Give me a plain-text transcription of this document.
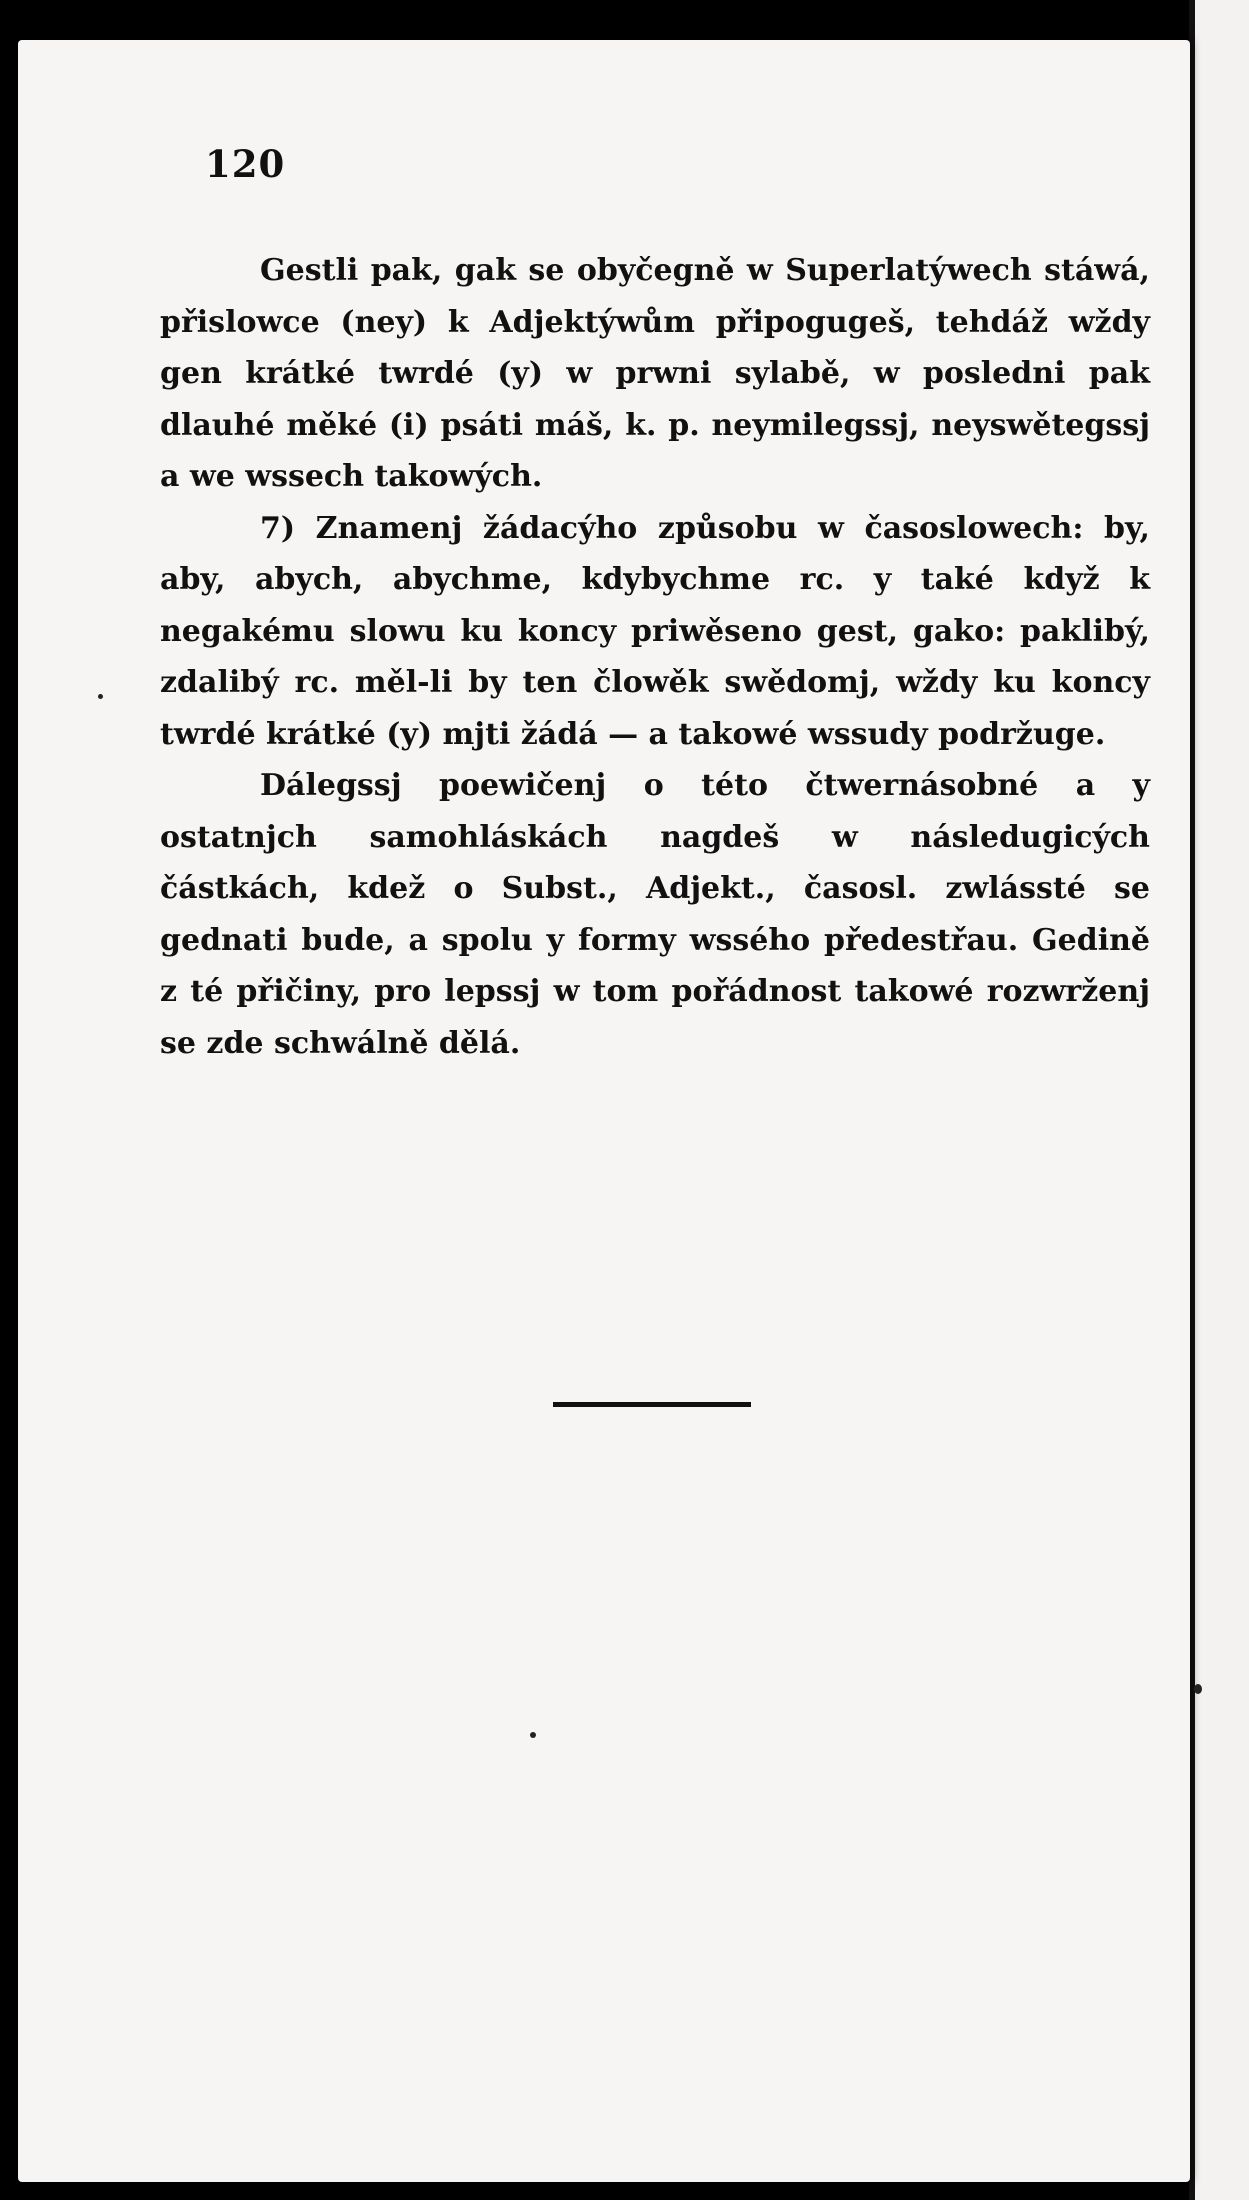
120

Gestli pak, gak se obyčegně w Superlatýwech stáwá, přislowce (ney) k Adjektýwům připogugeš, tehdáž wždy gen krátké twrdé (y) w prwni sylabě, w posledni pak dlauhé měké (i) psáti máš, k. p. neymilegssj, neyswětegssj a we wssech takowých.

7) Znamenj žádacýho způsobu w časoslowech: by, aby, abych, abychme, kdybychme rc. y také když k negakému slowu ku koncy priwěseno gest, gako: paklibý, zdalibý rc. měl-li by ten člowěk swědomj, wždy ku koncy twrdé krátké (y) mjti žádá — a takowé wssudy podržuge.

Dálegssj poewičenj o této čtwernásobné a y ostatnjch samohláskách nagdeš w následugicých částkách, kdež o Subst., Adjekt., časosl. zwlássté se gednati bude, a spolu y formy wssého předestřau. Gedině z té přičiny, pro lepssj w tom pořádnost takowé rozwrženj se zde schwálně dělá.
